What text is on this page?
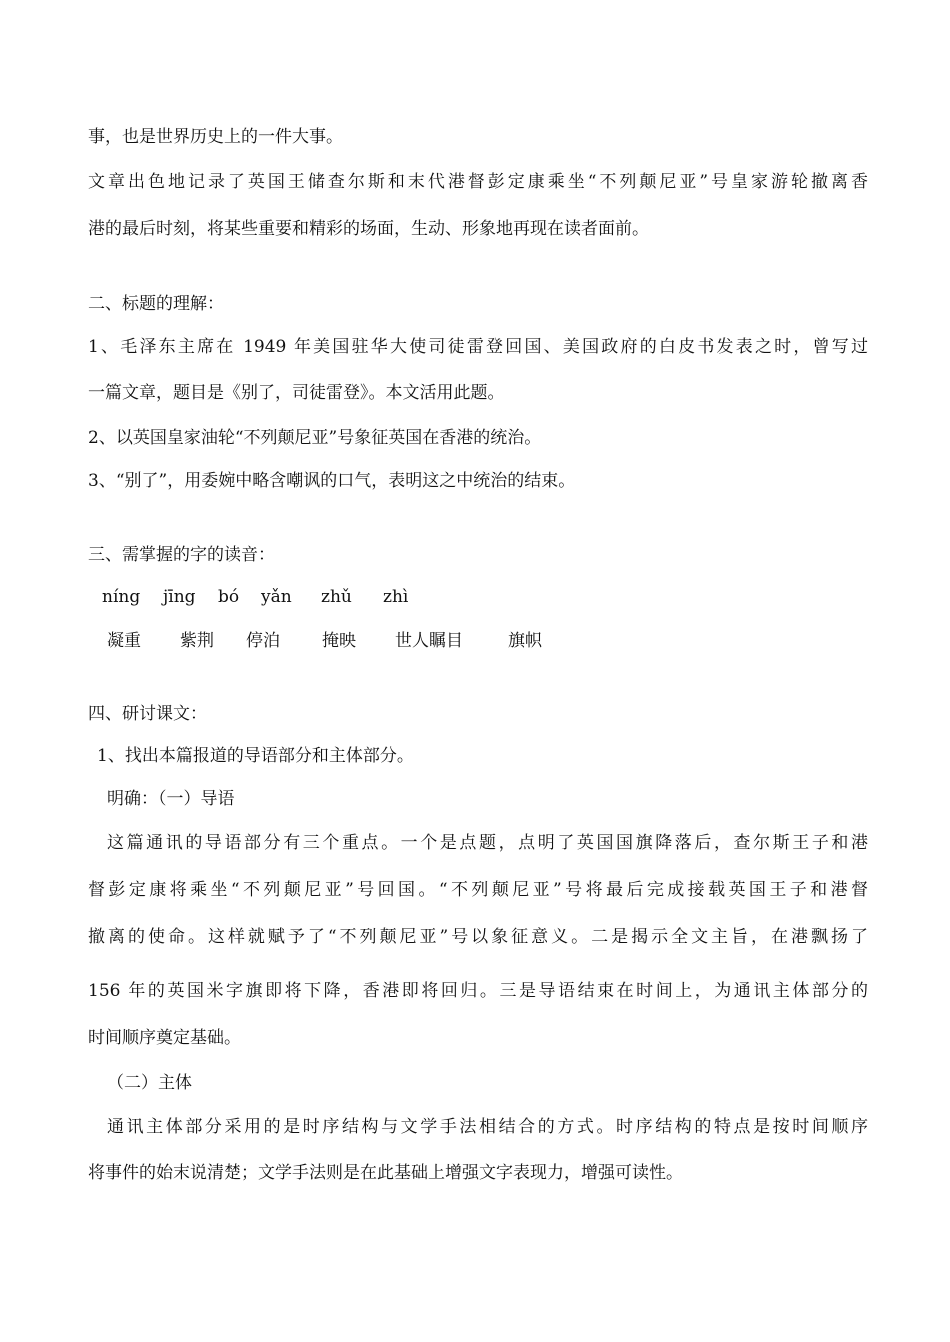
事，也是世界历史上的一件大事。
文章出色地记录了英国王储查尔斯和末代港督彭定康乘坐“不列颠尼亚”号皇家游轮撤离香
港的最后时刻，将某些重要和精彩的场面，生动、形象地再现在读者面前。
二、标题的理解：
1、毛泽东主席在 1949 年美国驻华大使司徒雷登回国、美国政府的白皮书发表之时，曾写过
一篇文章，题目是《别了，司徒雷登》。本文活用此题。
2、以英国皇家油轮“不列颠尼亚”号象征英国在香港的统治。
3、“别了”，用委婉中略含嘲讽的口气，表明这之中统治的结束。
三、需掌握的字的读音：
níng jīng bó yǎn zhǔ zhì
凝重 紫荆 停泊 掩映 世人瞩目	旗帜
四、研讨课文：
1、找出本篇报道的导语部分和主体部分。
明确：（一）导语
这篇通讯的导语部分有三个重点。一个是点题，点明了英国国旗降落后，查尔斯王子和港
督彭定康将乘坐“不列颠尼亚”号回国。“不列颠尼亚”号将最后完成接载英国王子和港督
撤离的使命。这样就赋予了“不列颠尼亚”号以象征意义。二是揭示全文主旨，在港飘扬了
156 年的英国米字旗即将下降，香港即将回归。三是导语结束在时间上，为通讯主体部分的
时间顺序奠定基础。
（二）主体
通讯主体部分采用的是时序结构与文学手法相结合的方式。时序结构的特点是按时间顺序
将事件的始末说清楚；文学手法则是在此基础上增强文字表现力，增强可读性。
